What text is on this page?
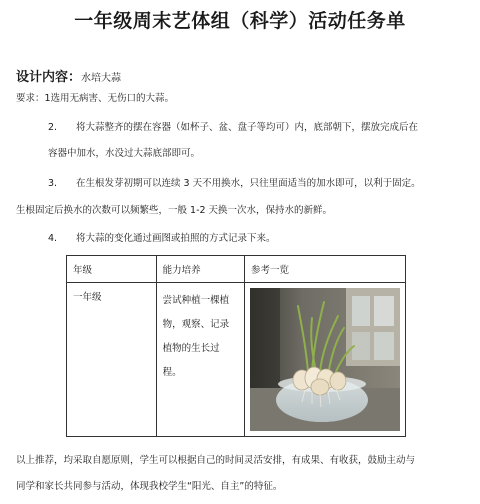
一年级周末艺体组（科学）活动任务单
设计内容：水培大蒜
要求：1选用无病害、无伤口的大蒜。
2. 将大蒜整齐的摆在容器（如杯子、盆、盘子等均可）内，底部朝下，摆放完成后在
容器中加水，水没过大蒜底部即可。
3. 在生根发芽初期可以连续 3 天不用换水，只往里面适当的加水即可，以利于固定。
生根固定后换水的次数可以频繁些，一般 1-2 天换一次水，保持水的新鲜。
4. 将大蒜的变化通过画图或拍照的方式记录下来。
年级	能力培养	参考一览
一年级	尝试种植一棵植物，观察、记录植物的生长过程。	
以上推荐，均采取自愿原则，学生可以根据自己的时间灵活安排，有成果、有收获，鼓励主动与
同学和家长共同参与活动，体现我校学生“阳光、自主”的特征。
